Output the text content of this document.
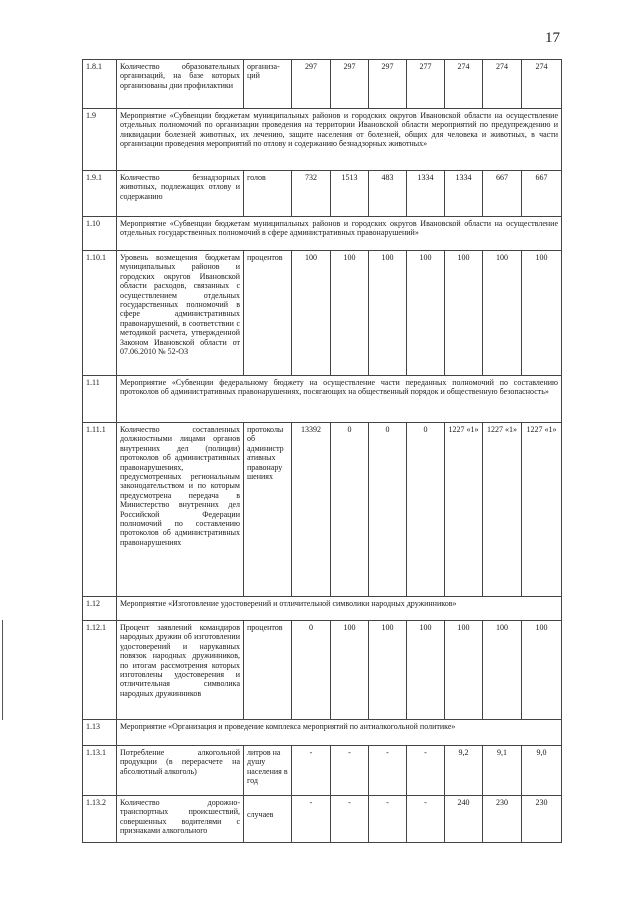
17
1.8.1	Количество образовательных организаций, на базе которых организованы дни профилактики	организа-ций	297	297	297	277	274	274	274
1.9	Мероприятие «Субвенции бюджетам муниципальных районов и городских округов Ивановской области на осуществление отдельных полномочий по организации проведения на территории Ивановской области мероприятий по предупреждению и ликвидации болезней животных, их лечению, защите населения от болезней, общих для человека и животных, в части организации проведения мероприятий по отлову и содержанию безнадзорных животных»								
1.9.1	Количество безнадзорных животных, подлежащих отлову и содержанию	голов	732	1513	483	1334	1334	667	667
1.10	Мероприятие «Субвенции бюджетам муниципальных районов и городских округов Ивановской области на осуществление отдельных государственных полномочий в сфере административных правонарушений»								
1.10.1	Уровень возмещения бюджетам муниципальных районов и городских округов Ивановской области расходов, связанных с осуществлением отдельных государственных полномочий в сфере административных правонарушений, в соответствии с методикой расчета, утвержденной Законом Ивановской области от 07.06.2010 № 52-ОЗ	процентов	100	100	100	100	100	100	100
1.11	Мероприятие «Субвенции федеральному бюджету на осуществление части переданных полномочий по составлению протоколов об административных правонарушениях, посягающих на общественный порядок и общественную безопасность»								
1.11.1	Количество составленных должностными лицами органов внутренних дел (полиции) протоколов об административных правонарушениях, предусмотренных региональным законодательством и по которым предусмотрена передача в Министерство внутренних дел Российской Федерации полномочий по составлению протоколов об административных правонарушениях	протоколы об администр ативных правонару шениях	13392	0	0	0	1227 «1»	1227 «1»	1227 «1»
1.12	Мероприятие «Изготовление удостоверений и отличительной символики народных дружинников»								
1.12.1	Процент заявлений командиров народных дружин об изготовлении удостоверений и нарукавных повязок народных дружинников, по итогам рассмотрения которых изготовлены удостоверения и отличительная символика народных дружинников	процентов	0	100	100	100	100	100	100
1.13	Мероприятие «Организация и проведение комплекса мероприятий по антиалкогольной политике»								
1.13.1	Потребление алкогольной продукции (в перерасчете на абсолютный алкоголь)	литров на душу населения в год	-	-	-	-	9,2	9,1	9,0
1.13.2	Количество дорожно-транспортных происшествий, совершенных водителями с признаками алкогольного	случаев	-	-	-	-	240	230	230
